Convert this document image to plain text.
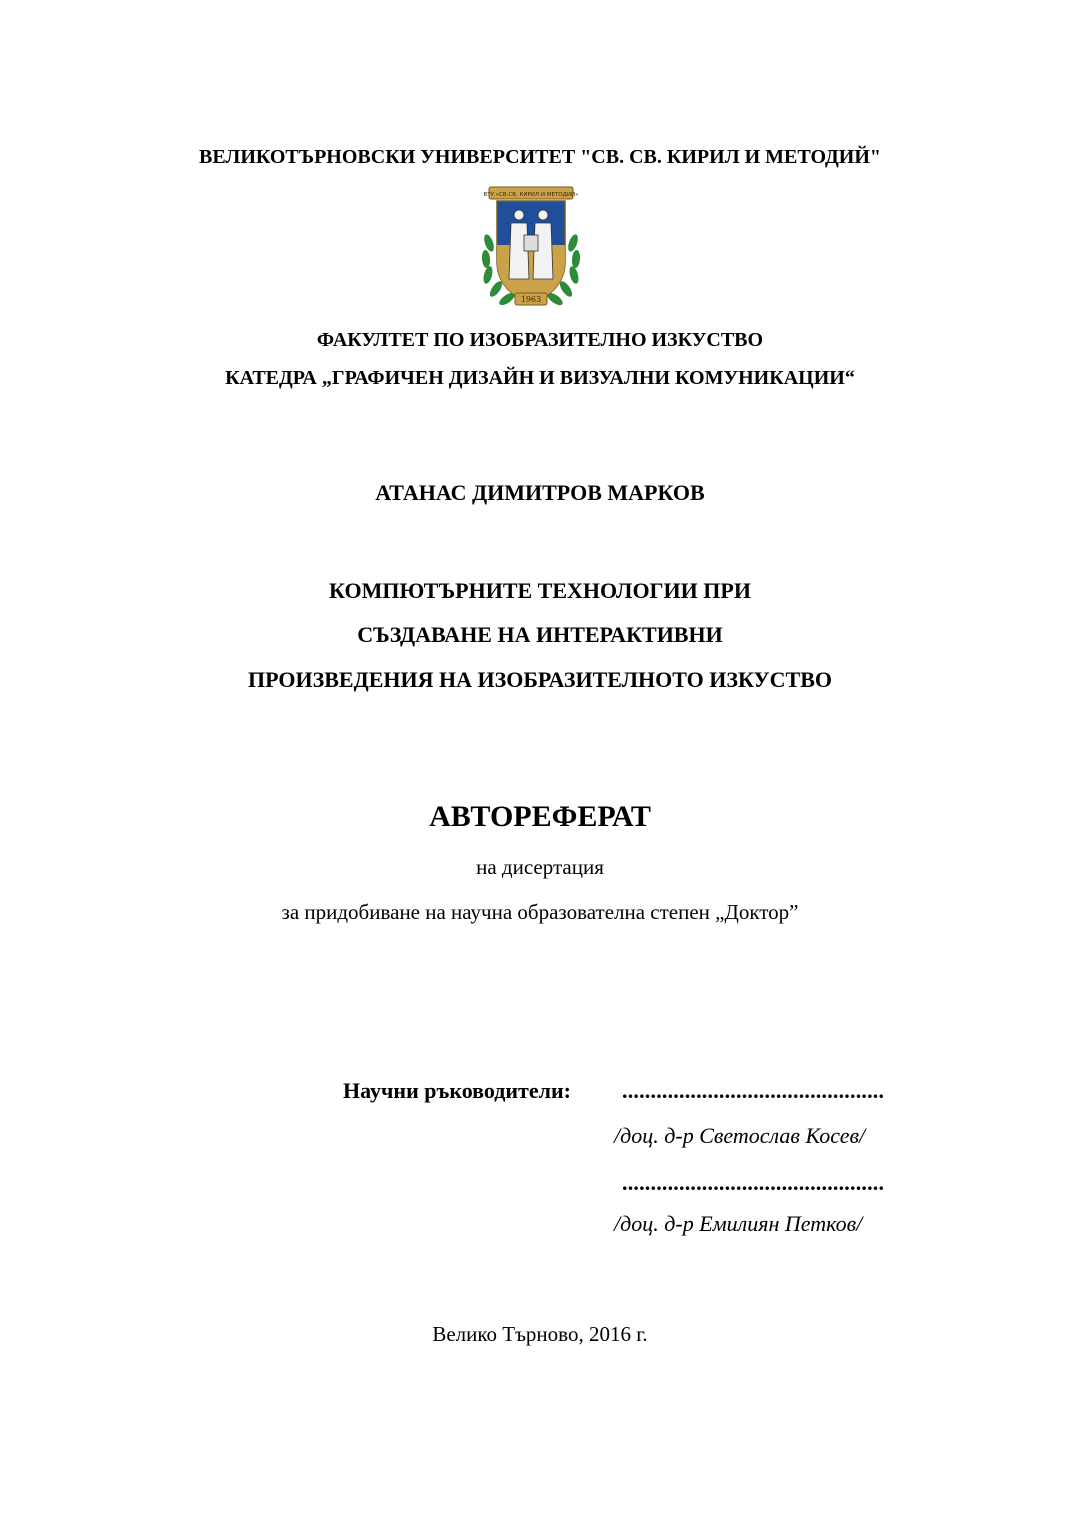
ВЕЛИКОТЪРНОВСКИ УНИВЕРСИТЕТ "СВ. СВ. КИРИЛ И МЕТОДИЙ"
ВТУ «СВ.СВ. КИРИЛ И МЕТОДИЙ»
1963
ФАКУЛТЕТ ПО ИЗОБРАЗИТЕЛНО ИЗКУСТВО
КАТЕДРА „ГРАФИЧЕН ДИЗАЙН И ВИЗУАЛНИ КОМУНИКАЦИИ“
АТАНАС ДИМИТРОВ МАРКОВ
КОМПЮТЪРНИТЕ ТЕХНОЛОГИИ ПРИ
СЪЗДАВАНЕ НА ИНТЕРАКТИВНИ
ПРОИЗВЕДЕНИЯ НА ИЗОБРАЗИТЕЛНОТО ИЗКУСТВО
АВТОРЕФЕРАТ
на дисертация
за придобиване на научна образователна степен „Доктор”
Научни ръководители: ..............................................
/доц. д-р Светослав Косев/
..............................................
/доц. д-р Емилиян Петков/
Велико Търново, 2016 г.
